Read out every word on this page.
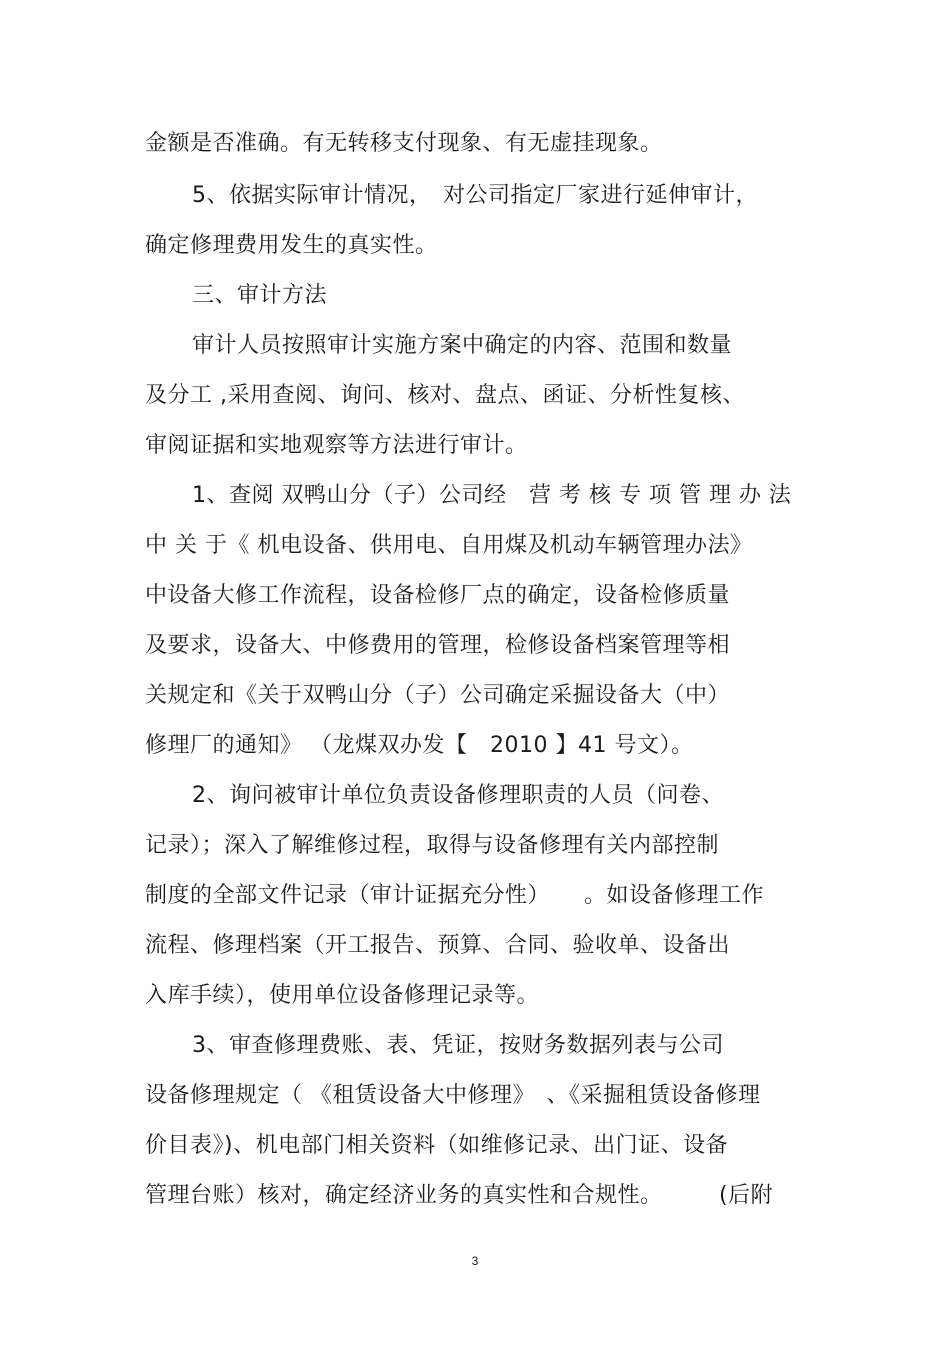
金额是否准确。有无转移支付现象、有无虚挂现象。
5、依据实际审计情况，　对公司指定厂家进行延伸审计，
确定修理费用发生的真实性。
三、审计方法
审计人员按照审计实施方案中确定的内容、范围和数量
及分工 ,采用查阅、询问、核对、盘点、函证、分析性复核、
审阅证据和实地观察等方法进行审计。
1、查阅 双鸭山分（子）公司经　营 考 核 专 项 管 理 办 法
中 关 于《 机电设备、供用电、自用煤及机动车辆管理办法》
中设备大修工作流程，设备检修厂点的确定，设备检修质量
及要求，设备大、中修费用的管理，检修设备档案管理等相
关规定和《关于双鸭山分（子）公司确定采掘设备大（中）
修理厂的通知》 （龙煤双办发【　2010 】41 号文）。
2、询问被审计单位负责设备修理职责的人员（问卷、
记录）；深入了解维修过程，取得与设备修理有关内部控制
制度的全部文件记录（审计证据充分性）　　。如设备修理工作
流程、修理档案（开工报告、预算、合同、验收单、设备出
入库手续），使用单位设备修理记录等。
3、审查修理费账、表、凭证，按财务数据列表与公司
设备修理规定（ 《租赁设备大中修理》　、《采掘租赁设备修理
价目表》)、机电部门相关资料（如维修记录、出门证、设备
管理台账）核对，确定经济业务的真实性和合规性。　　　(后附
3
